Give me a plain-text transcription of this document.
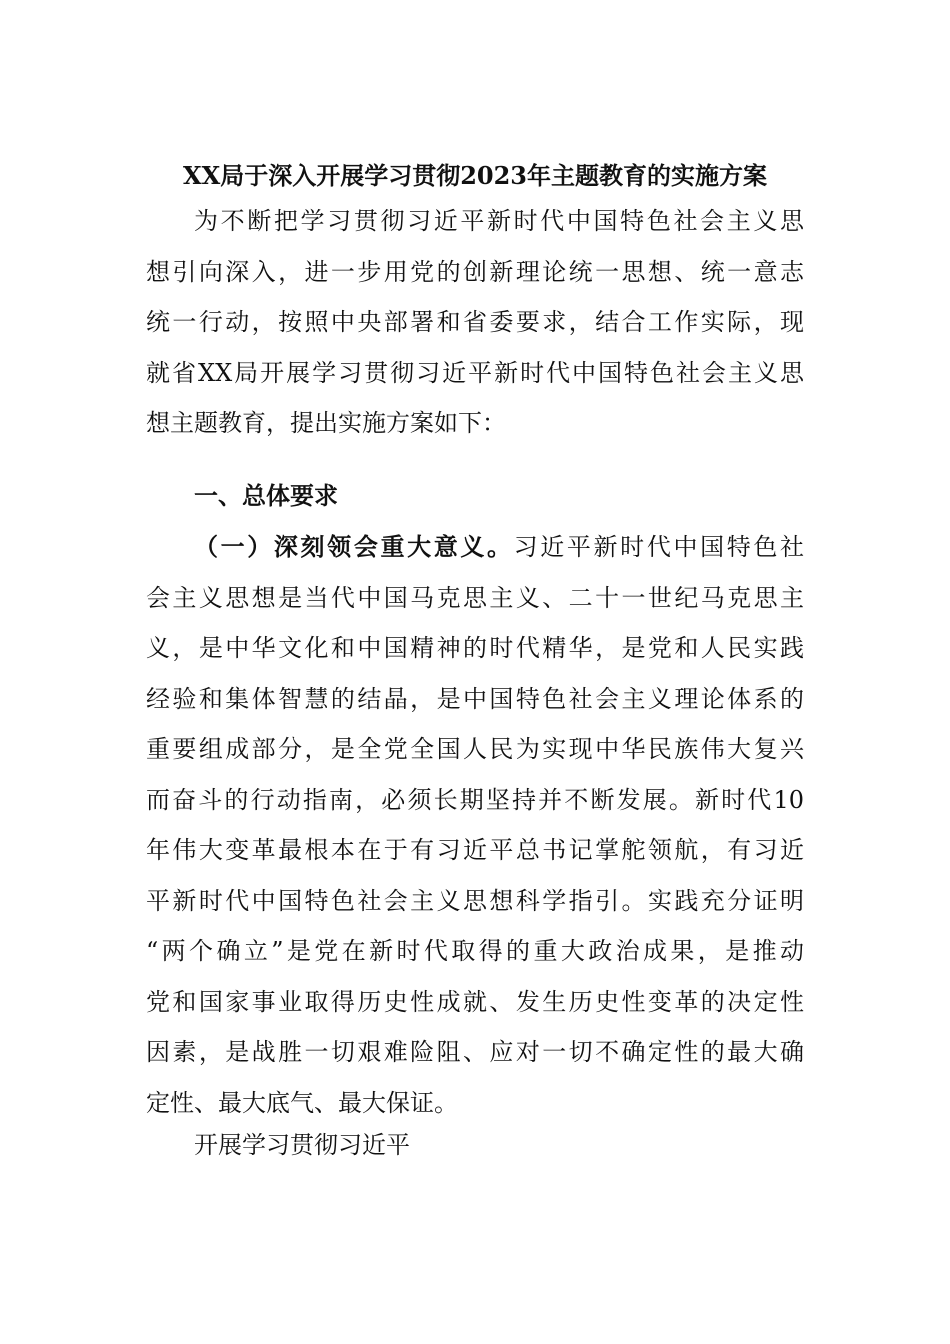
XX局于深入开展学习贯彻2023年主题教育的实施方案

为不断把学习贯彻习近平新时代中国特色社会主义思
想引向深入，进一步用党的创新理论统一思想、统一意志
统一行动，按照中央部署和省委要求，结合工作实际，现
就省XX局开展学习贯彻习近平新时代中国特色社会主义思
想主题教育，提出实施方案如下：

一、总体要求

（一）深刻领会重大意义。习近平新时代中国特色社
会主义思想是当代中国马克思主义、二十一世纪马克思主
义，是中华文化和中国精神的时代精华，是党和人民实践
经验和集体智慧的结晶，是中国特色社会主义理论体系的
重要组成部分，是全党全国人民为实现中华民族伟大复兴
而奋斗的行动指南，必须长期坚持并不断发展。新时代10
年伟大变革最根本在于有习近平总书记掌舵领航，有习近
平新时代中国特色社会主义思想科学指引。实践充分证明
“两个确立”是党在新时代取得的重大政治成果，是推动
党和国家事业取得历史性成就、发生历史性变革的决定性
因素，是战胜一切艰难险阻、应对一切不确定性的最大确
定性、最大底气、最大保证。

开展学习贯彻习近平
